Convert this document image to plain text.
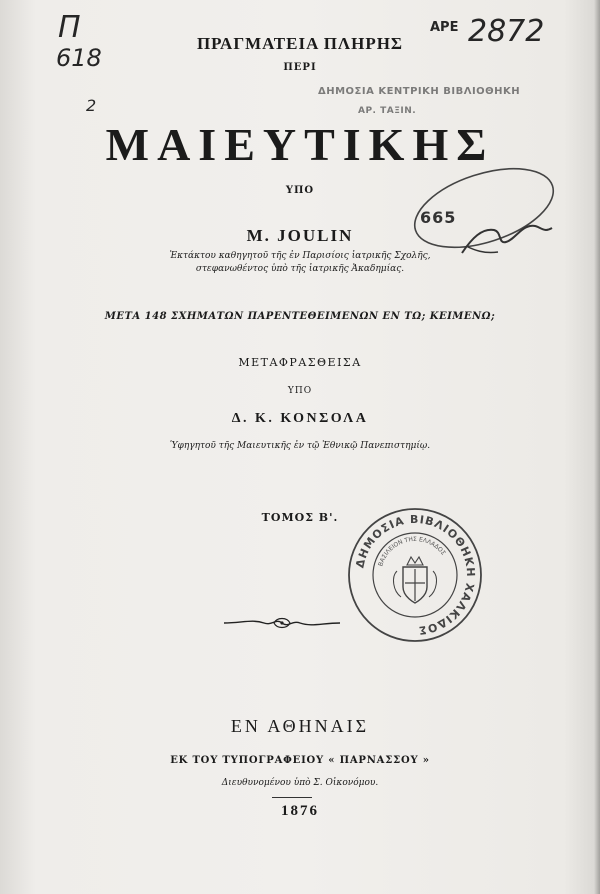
Π
618
2
ΑΡΕ 2872
ΔΗΜΟΣΙΑ ΚΕΝΤΡΙΚΗ ΒΙΒΛΙΟΘΗΚΗ
ΑΡ. ΤΑΞΙΝ.
ΠΡΑΓΜΑΤΕΙΑ ΠΛΗΡΗΣ
ΠΕΡΙ
ΜΑΙΕΥΤΙΚΗΣ
665
ΥΠΟ
M. JOULIN
Ἐκτάκτου καθηγητοῦ τῆς ἐν Παρισίοις ἰατρικῆς Σχολῆς,
στεφανωθέντος ὑπὸ τῆς ἰατρικῆς Ἀκαδημίας.
ΜΕΤΑ 148 ΣΧΗΜΑΤΩΝ ΠΑΡΕΝΤΕΘΕΙΜΕΝΩΝ ΕΝ ΤΩ; ΚΕΙΜΕΝΩ;
ΜΕΤΑΦΡΑΣΘΕΙΣΑ
ΥΠΟ
Δ. Κ. ΚΟΝΣΟΛΑ
Ὑφηγητοῦ τῆς Μαιευτικῆς ἐν τῷ Ἐθνικῷ Πανεπιστημίῳ.
ΤΟΜΟΣ Β'.
ΔΗΜΟΣΙΑ ΒΙΒΛΙΟΘΗΚΗ ΧΑΛΚΙΔΟΣ
ΒΑΣΙΛΕΙΟΝ ΤΗΣ ΕΛΛΑΔΟΣ
ΕΝ ΑΘΗΝΑΙΣ
ΕΚ ΤΟΥ ΤΥΠΟΓΡΑΦΕΙΟΥ « ΠΑΡΝΑΣΣΟΥ »
Διευθυνομένου ὑπὸ Σ. Οἰκονόμου.
1876
